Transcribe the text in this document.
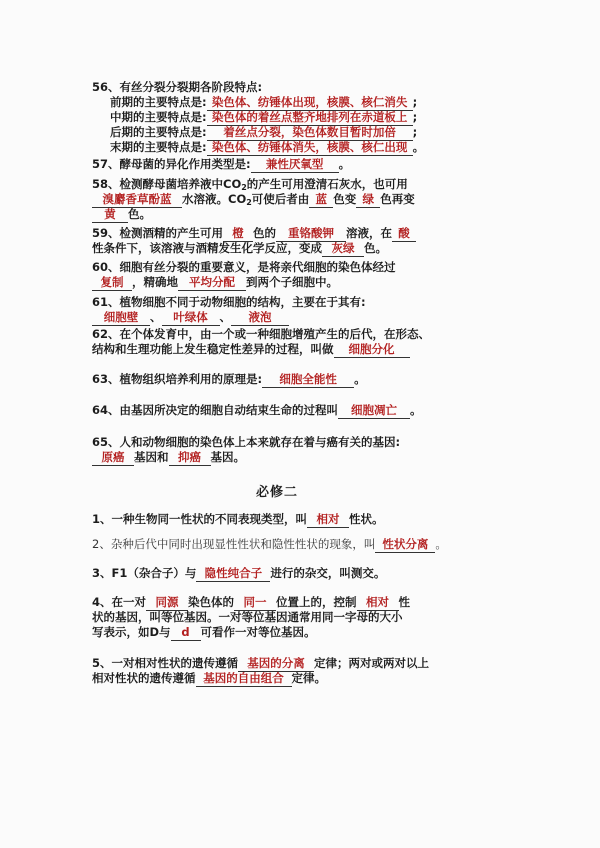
56、有丝分裂分裂期各阶段特点:
前期的主要特点是: 染色体、纺锤体出现，核膜、核仁消失 ;
中期的主要特点是: 染色体的着丝点整齐地排列在赤道板上 ;
后期的主要特点是: 着丝点分裂，染色体数目暂时加倍 ;
末期的主要特点是: 染色体、纺锤体消失，核膜、核仁出现 。
57、酵母菌的异化作用类型是: 兼性厌氧型 。
58、检测酵母菌培养液中$CO_2$的产生可用澄清石灰水，也可用
溴麝香草酚蓝 水溶液。$CO_2$可使后者由 蓝 色变 绿 色再变
黄 色。
59、检测酒精的产生可用 橙 色的 重铬酸钾 溶液，在 酸
性条件下，该溶液与酒精发生化学反应，变成 灰绿 色。
60、细胞有丝分裂的重要意义，是将亲代细胞的染色体经过
复制 ，精确地 平均分配 到两个子细胞中。
61、植物细胞不同于动物细胞的结构，主要在于其有:
细胞壁 、 叶绿体 、 液泡
62、在个体发育中，由一个或一种细胞增殖产生的后代，在形态、
结构和生理功能上发生稳定性差异的过程，叫做 细胞分化
63、植物组织培养利用的原理是: 细胞全能性 。
64、由基因所决定的细胞自动结束生命的过程叫 细胞凋亡 。
65、人和动物细胞的染色体上本来就存在着与癌有关的基因:
原癌 基因和 抑癌 基因。
必修二
1、一种生物同一性状的不同表现类型，叫 相对 性状。
2、杂种后代中同时出现显性性状和隐性性状的现象，叫 性状分离 。
3、F1（杂合子）与 隐性纯合子 进行的杂交，叫测交。
4、在一对 同源 染色体的 同一 位置上的，控制 相对 性
状的基因，叫等位基因。一对等位基因通常用同一字母的大小
写表示，如D与 d 可看作一对等位基因。
5、一对相对性状的遗传遵循 基因的分离 定律；两对或两对以上
相对性状的遗传遵循 基因的自由组合 定律。
